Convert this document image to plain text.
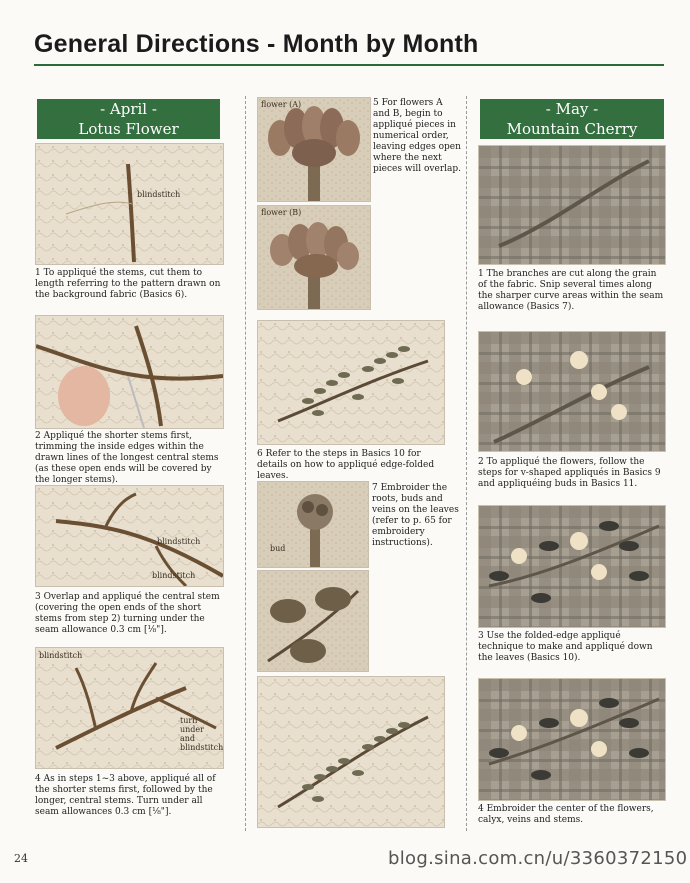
General Directions - Month by Month
- April -
Lotus Flower
blindstitch
1 To appliqué the stems, cut them to length referring to the pattern drawn on the background fabric (Basics 6).
2 Appliqué the shorter stems first, trimming the inside edges within the drawn lines of the longest central stems (as these open ends will be covered by the longer stems).
blindstitch
blindstitch
3 Overlap and appliqué the central stem (covering the open ends of the short stems from step 2) turning under the seam allowance 0.3 cm [⅛"].
blindstitch
turn under and blindstitch
4 As in steps 1~3 above, appliqué all of the shorter stems first, followed by the longer, central stems. Turn under all seam allowances 0.3 cm [⅛"].
flower (A)
flower (B)
5 For flowers A and B, begin to appliqué pieces in numerical order, leaving edges open where the next pieces will overlap.
6 Refer to the steps in Basics 10 for details on how to appliqué edge-folded leaves.
bud
7 Embroider the roots, buds and veins on the leaves (refer to p. 65 for embroidery instructions).
- May -
Mountain Cherry
1 The branches are cut along the grain of the fabric. Snip several times along the sharper curve areas within the seam allowance (Basics 7).
2 To appliqué the flowers, follow the steps for v-shaped appliqués in Basics 9 and appliquéing buds in Basics 11.
3 Use the folded-edge appliqué technique to make and appliqué down the leaves (Basics 10).
4 Embroider the center of the flowers, calyx, veins and stems.
24	blog.sina.com.cn/u/3360372150
